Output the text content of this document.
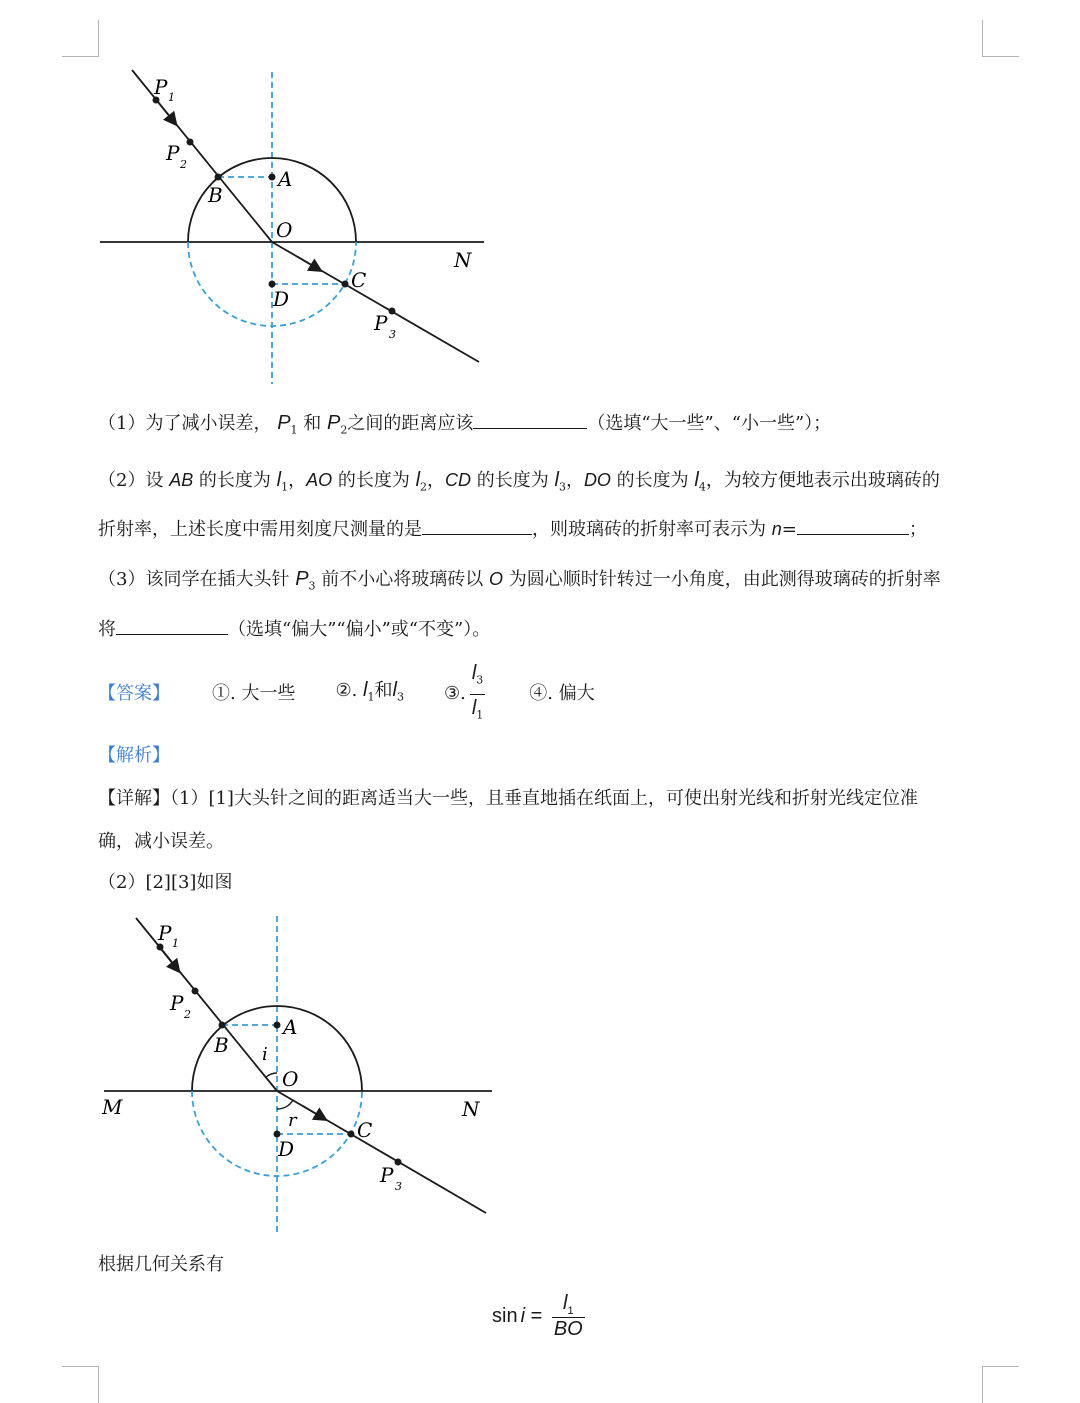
P 1
P 2
B
A
O
N
C
D
P 3
（1）为了减小误差， $P_1$ 和 $P_2$之间的距离应该	（选填“大一些”、“小一些”）；
（2）设 AB 的长度为 $l_1$，AO 的长度为 $l_2$，CD 的长度为 $l_3$，DO 的长度为 $l_4$，为较方便地表示出玻璃砖的
折射率，上述长度中需用刻度尺测量的是	，则玻璃砖的折射率可表示为 n=	；
（3）该同学在插大头针 $P_3$ 前不小心将玻璃砖以 O 为圆心顺时针转过一小角度，由此测得玻璃砖的折射率
将	（选填“偏大”“偏小”或“不变”）。
【答案】 ①. 大一些 ②. $l_1$和$l_3$ ③. $\frac{l_3}{l_1}$ ④. 偏大
【解析】
【详解】（1）[1]大头针之间的距离适当大一些，且垂直地插在纸面上，可使出射光线和折射光线定位准
确，减小误差。
（2）[2][3]如图
P 1
P 2
B
A
i
O
M	N
r	C
D
P 3
根据几何关系有
$\sin i = \frac{l_1}{BO}$
